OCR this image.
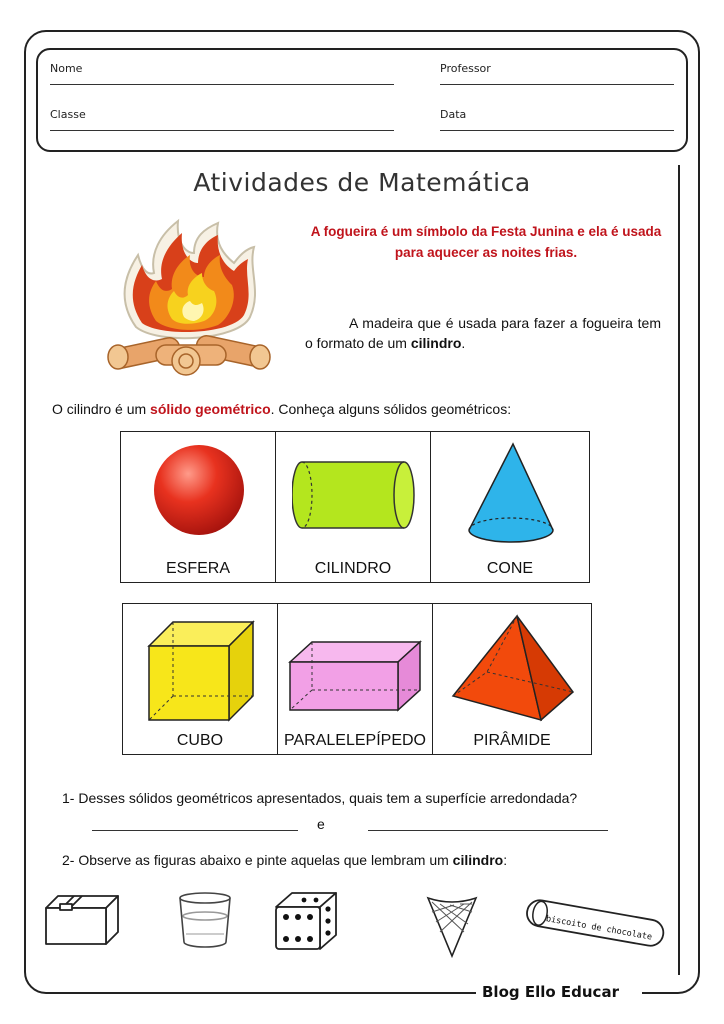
Nome	Professor
Classe	Data
Atividades de Matemática
A fogueira é um símbolo da Festa Junina e ela é usada para aquecer as noites frias.
A madeira que é usada para fazer a fogueira tem o formato de um cilindro.
O cilindro é um sólido geométrico. Conheça alguns sólidos geométricos:
ESFERA	CILINDRO	CONE
CUBO	PARALELEPÍPEDO	PIRÂMIDE
1- Desses sólidos geométricos apresentados, quais tem a superfície arredondada?
e
2- Observe as figuras abaixo e pinte aquelas que lembram um cilindro:
biscoito de chocolate
Blog Ello Educar
